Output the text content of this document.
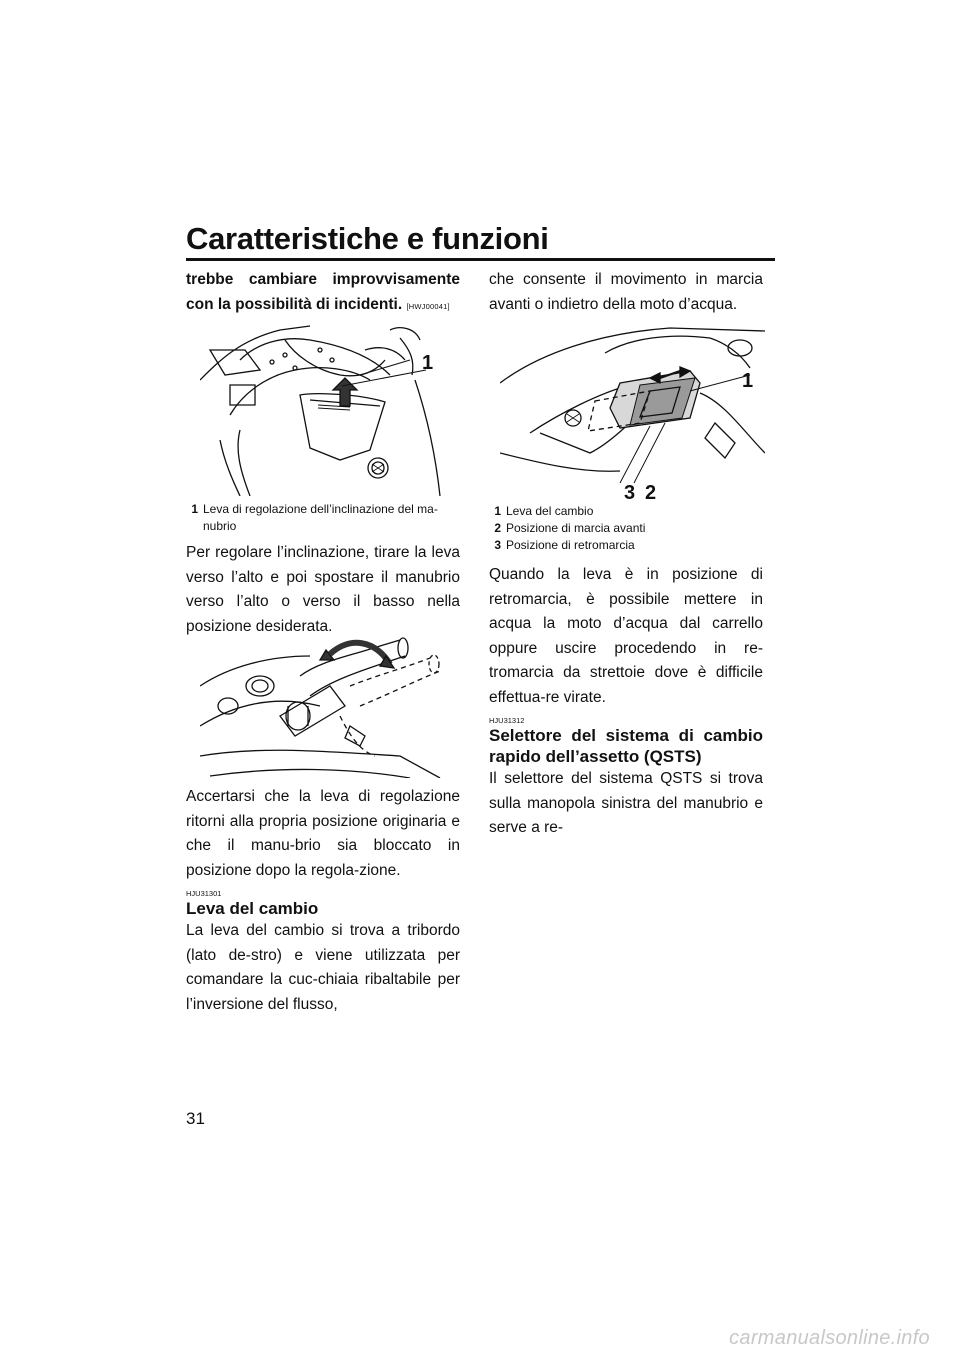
Caratteristiche e funzioni

trebbe cambiare improvvisamente con la possibilità di incidenti. [HWJ00041]

1
1 Leva di regolazione dell’inclinazione del ma-nubrio

Per regolare l’inclinazione, tirare la leva verso l’alto e poi spostare il manubrio verso l’alto o verso il basso nella posizione desiderata.

Accertarsi che la leva di regolazione ritorni alla propria posizione originaria e che il manu-brio sia bloccato in posizione dopo la regola-zione.

HJU31301
Leva del cambio

La leva del cambio si trova a tribordo (lato de-stro) e viene utilizzata per comandare la cuc-chiaia ribaltabile per l’inversione del flusso,

che consente il movimento in marcia avanti o indietro della moto d’acqua.

1
3 2
1 Leva del cambio
2 Posizione di marcia avanti
3 Posizione di retromarcia

Quando la leva è in posizione di retromarcia, è possibile mettere in acqua la moto d’acqua dal carrello oppure uscire procedendo in re-tromarcia da strettoie dove è difficile effettua-re virate.

HJU31312
Selettore del sistema di cambio rapido dell’assetto (QSTS)

Il selettore del sistema QSTS si trova sulla manopola sinistra del manubrio e serve a re-

31
carmanualsonline.info
